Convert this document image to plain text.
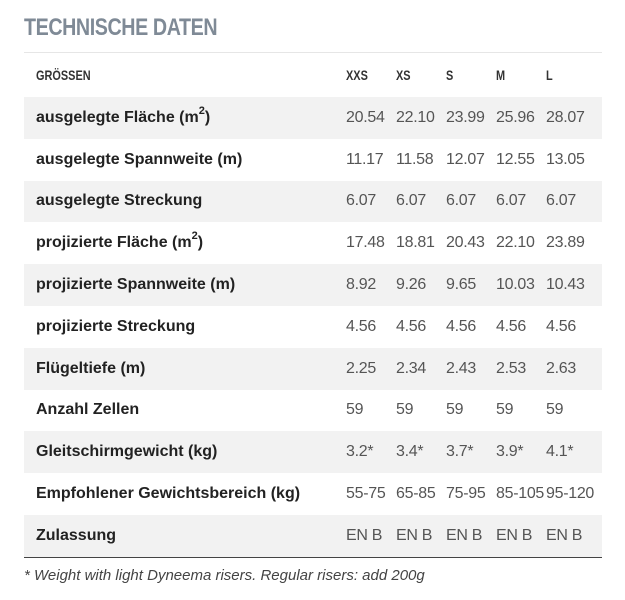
TECHNISCHE DATEN
GRÖSSEN	XXS	XS	S	M	L
ausgelegte Fläche $(m^2)$	20.54	22.10	23.99	25.96	28.07
ausgelegte Spannweite (m)	11.17	11.58	12.07	12.55	13.05
ausgelegte Streckung	6.07	6.07	6.07	6.07	6.07
projizierte Fläche $(m^2)$	17.48	18.81	20.43	22.10	23.89
projizierte Spannweite (m)	8.92	9.26	9.65	10.03	10.43
projizierte Streckung	4.56	4.56	4.56	4.56	4.56
Flügeltiefe (m)	2.25	2.34	2.43	2.53	2.63
Anzahl Zellen	59	59	59	59	59
Gleitschirmgewicht (kg)	3.2*	3.4*	3.7*	3.9*	4.1*
Empfohlener Gewichtsbereich (kg)	55-75	65-85	75-95	85-105	95-120
Zulassung	EN B	EN B	EN B	EN B	EN B
* Weight with light Dyneema risers. Regular risers: add 200g
